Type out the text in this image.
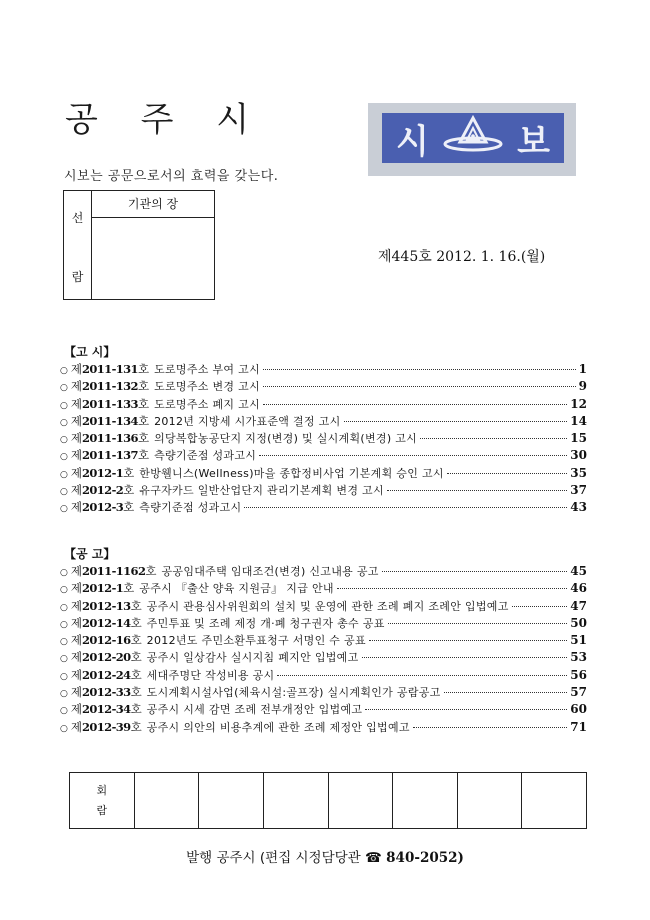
공 주 시
시보는 공문으로서의 효력을 갖는다.
선
람
기관의 장
시	보
제445호 2012. 1. 16.(월)
【고 시】
○ 제2011-131호 도로명주소 부여 고시	1
○ 제2011-132호 도로명주소 변경 고시	9
○ 제2011-133호 도로명주소 폐지 고시	12
○ 제2011-134호 2012년 지방세 시가표준액 결정 고시	14
○ 제2011-136호 의당복합농공단지 지정(변경) 및 실시계획(변경) 고시	15
○ 제2011-137호 측량기준점 성과고시	30
○ 제2012-1호 한방웰니스(Wellness)마을 종합정비사업 기본계획 승인 고시	35
○ 제2012-2호 유구자카드 일반산업단지 관리기본계획 변경 고시	37
○ 제2012-3호 측량기준점 성과고시	43
【공 고】
○ 제2011-1162호 공공임대주택 임대조건(변경) 신고내용 공고	45
○ 제2012-1호 공주시 『출산 양육 지원금』 지급 안내	46
○ 제2012-13호 공주시 관용심사위원회의 설치 및 운영에 관한 조례 폐지 조례안 입법예고	47
○ 제2012-14호 주민투표 및 조례 제정 개·폐 청구권자 총수 공표	50
○ 제2012-16호 2012년도 주민소환투표청구 서명인 수 공표	51
○ 제2012-20호 공주시 일상감사 실시지침 폐지안 입법예고	53
○ 제2012-24호 세대주명단 작성비용 공시	56
○ 제2012-33호 도시계획시설사업(체육시설:골프장) 실시계획인가 공람공고	57
○ 제2012-34호 공주시 시세 감면 조례 전부개정안 입법예고	60
○ 제2012-39호 공주시 의안의 비용추계에 관한 조례 제정안 입법예고	71
회
람

발행 공주시 (편집 시정담당관 ☎ 840-2052)
